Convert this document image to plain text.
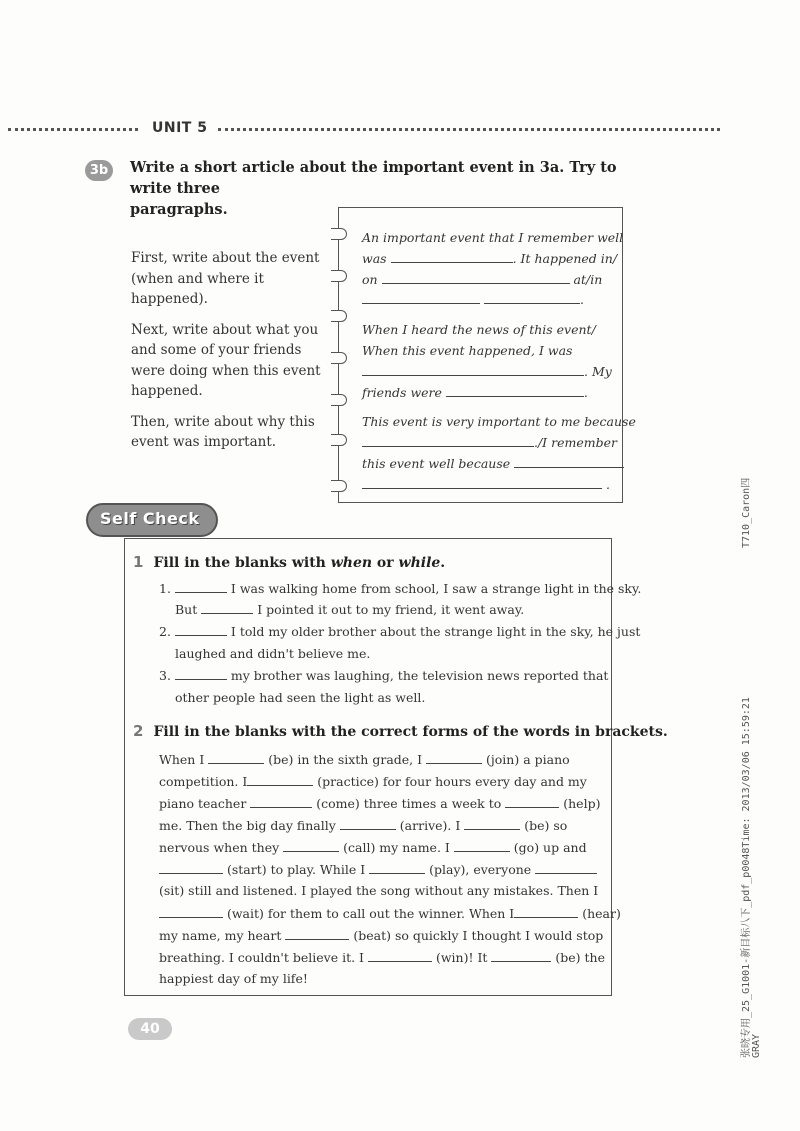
UNIT 5
3b	Write a short article about the important event in 3a. Try to write three
paragraphs.

First, write about the event
(when and where it
happened).

Next, write about what you
and some of your friends
were doing when this event
happened.

Then, write about why this
event was important.

An important event that I remember well
was	. It happened in/
on	at/in
.
When I heard the news of this event/
When this event happened, I was
. My
friends were	.
This event is very important to me because
./I remember
this event well because
.
Self Check
1 Fill in the blanks with when or while.
1.	I was walking home from school, I saw a strange light in the sky.
But	I pointed it out to my friend, it went away.
2.	I told my older brother about the strange light in the sky, he just
laughed and didn't believe me.
3.	my brother was laughing, the television news reported that
other people had seen the light as well.
2 Fill in the blanks with the correct forms of the words in brackets.
When I	(be) in the sixth grade, I	(join) a piano
competition. I	(practice) for four hours every day and my
piano teacher	(come) three times a week to	(help)
me. Then the big day finally	(arrive). I	(be) so
nervous when they	(call) my name. I	(go) up and
(start) to play. While I	(play), everyone
(sit) still and listened. I played the song without any mistakes. Then I
(wait) for them to call out the winner. When I	(hear)
my name, my heart	(beat) so quickly I thought I would stop
breathing. I couldn't believe it. I	(win)! It	(be) the
happiest day of my life!
40
T710_Caron四
张晓专用_25_G1001-新目标八下_pdf_p0048Time: 2013/03/06 15:59:21 GRAY
